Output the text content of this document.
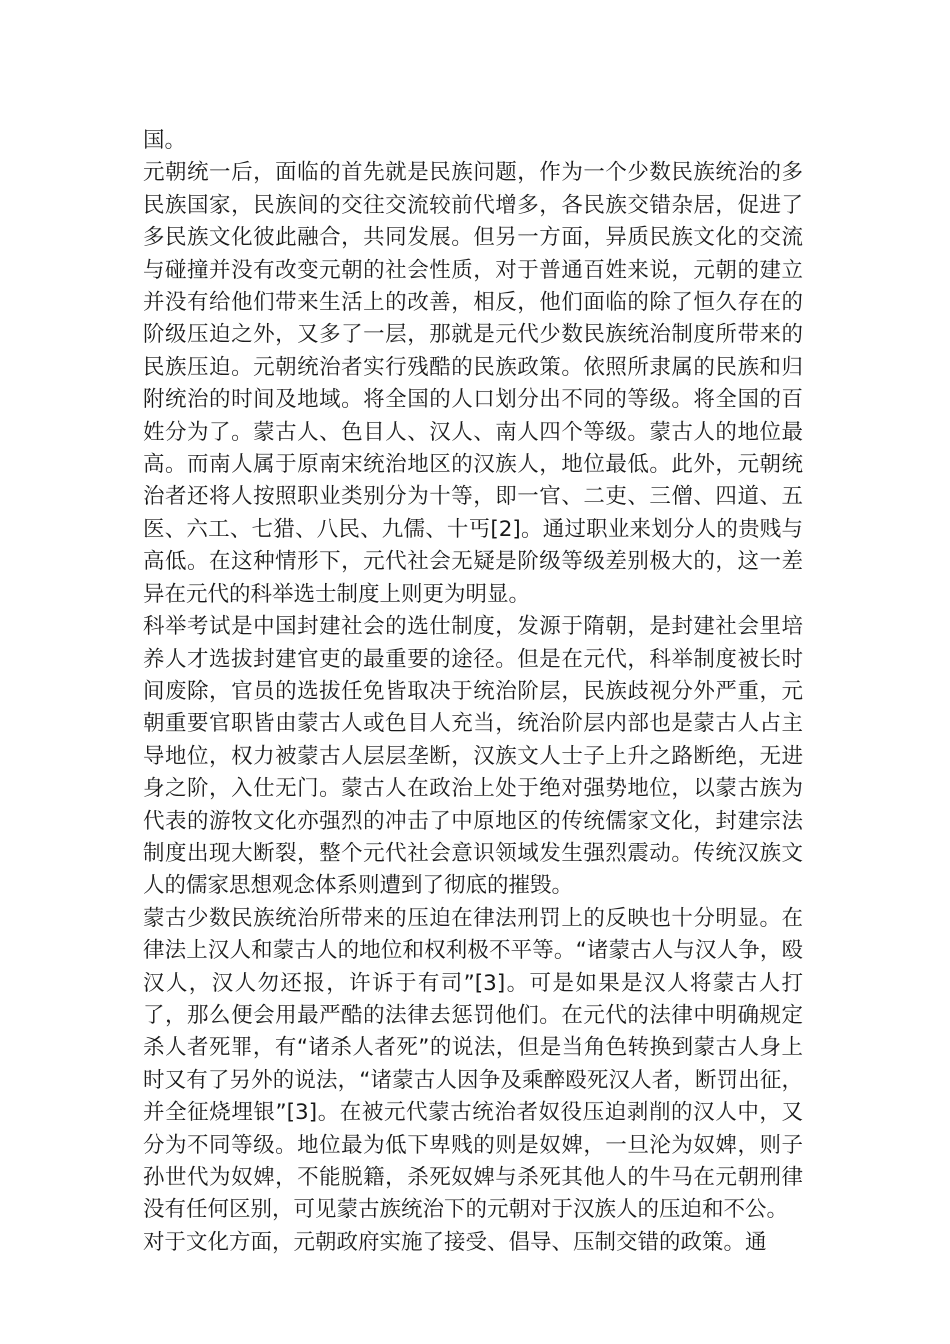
国。

元朝统一后，面临的首先就是民族问题，作为一个少数民族统治的多民族国家，民族间的交往交流较前代增多，各民族交错杂居，促进了多民族文化彼此融合，共同发展。但另一方面，异质民族文化的交流与碰撞并没有改变元朝的社会性质，对于普通百姓来说，元朝的建立并没有给他们带来生活上的改善，相反，他们面临的除了恒久存在的阶级压迫之外，又多了一层，那就是元代少数民族统治制度所带来的民族压迫。元朝统治者实行残酷的民族政策。依照所隶属的民族和归附统治的时间及地域。将全国的人口划分出不同的等级。将全国的百姓分为了。蒙古人、色目人、汉人、南人四个等级。蒙古人的地位最高。而南人属于原南宋统治地区的汉族人，地位最低。此外，元朝统治者还将人按照职业类别分为十等，即一官、二吏、三僧、四道、五医、六工、七猎、八民、九儒、十丐[2]。通过职业来划分人的贵贱与高低。在这种情形下，元代社会无疑是阶级等级差别极大的，这一差异在元代的科举选士制度上则更为明显。

科举考试是中国封建社会的选仕制度，发源于隋朝，是封建社会里培养人才选拔封建官吏的最重要的途径。但是在元代，科举制度被长时间废除，官员的选拔任免皆取决于统治阶层，民族歧视分外严重，元朝重要官职皆由蒙古人或色目人充当，统治阶层内部也是蒙古人占主导地位，权力被蒙古人层层垄断，汉族文人士子上升之路断绝，无进身之阶，入仕无门。蒙古人在政治上处于绝对强势地位，以蒙古族为代表的游牧文化亦强烈的冲击了中原地区的传统儒家文化，封建宗法制度出现大断裂，整个元代社会意识领域发生强烈震动。传统汉族文人的儒家思想观念体系则遭到了彻底的摧毁。

蒙古少数民族统治所带来的压迫在律法刑罚上的反映也十分明显。在律法上汉人和蒙古人的地位和权利极不平等。“诸蒙古人与汉人争，殴汉人，汉人勿还报，许诉于有司”[3]。可是如果是汉人将蒙古人打了，那么便会用最严酷的法律去惩罚他们。在元代的法律中明确规定杀人者死罪，有“诸杀人者死”的说法，但是当角色转换到蒙古人身上时又有了另外的说法，“诸蒙古人因争及乘醉殴死汉人者，断罚出征，并全征烧埋银”[3]。在被元代蒙古统治者奴役压迫剥削的汉人中，又分为不同等级。地位最为低下卑贱的则是奴婢，一旦沦为奴婢，则子孙世代为奴婢，不能脱籍，杀死奴婢与杀死其他人的牛马在元朝刑律没有任何区别，可见蒙古族统治下的元朝对于汉族人的压迫和不公。

对于文化方面，元朝政府实施了接受、倡导、压制交错的政策。通
